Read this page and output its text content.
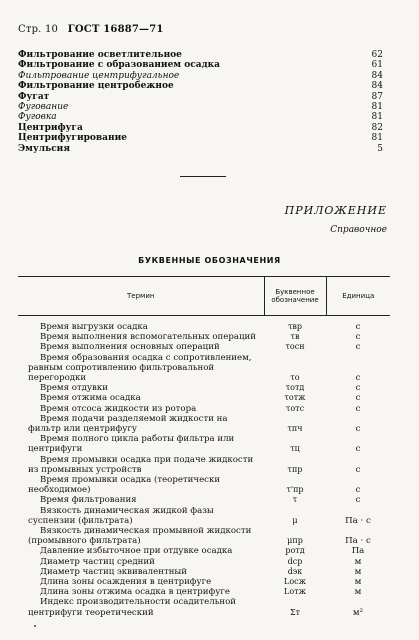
Стр. 10 ГОСТ 16887—71
Фильтрование осветлительное	62
Фильтрование с образованием осадка	61
Фильтрование центрифугальное	84
Фильтрование центробежное	84
Фугат	87
Фугование	81
Фуговка	81
Центрифуга	82
Центрифугирование	81
Эмульсия	5
ПРИЛОЖЕНИЕ
Справочное
БУКВЕННЫЕ ОБОЗНАЧЕНИЯ
Термин	Буквенное обозначение	Единица
Время выгрузки осадка	τвр	с
Время выполнения вспомогательных операций	τв	с
Время выполнения основных операций	τосн	с
Время образования осадка с сопротивлением, равным сопротивлению фильтровальной перегородки	τо	с
Время отдувки	τотд	с
Время отжима осадка	τотж	с
Время отсоса жидкости из ротора	τотс	с
Время подачи разделяемой жидкости на фильтр или центрифугу	τпч	с
Время полного цикла работы фильтра или центрифуги	τц	с
Время промывки осадка при подаче жидкости из промывных устройств	τпр	с
Время промывки осадка (теоретически необходимое)	τ'пр	с
Время фильтрования	τ	с
Вязкость динамическая жидкой фазы суспензии (фильтрата)	μ	Па · с
Вязкость динамическая промывной жидкости (промывного фильтрата)	μпр	Па · с
Давление избыточное при отдувке осадка	pотд	Па
Диаметр частиц средний	dср	м
Диаметр частиц эквивалентный	dэк	м
Длина зоны осаждения в центрифуге	Lосж	м
Длина зоны отжима осадка в центрифуге	Lотж	м
Индекс производительности осадительной центрифуги теоретический	Σт	м²
